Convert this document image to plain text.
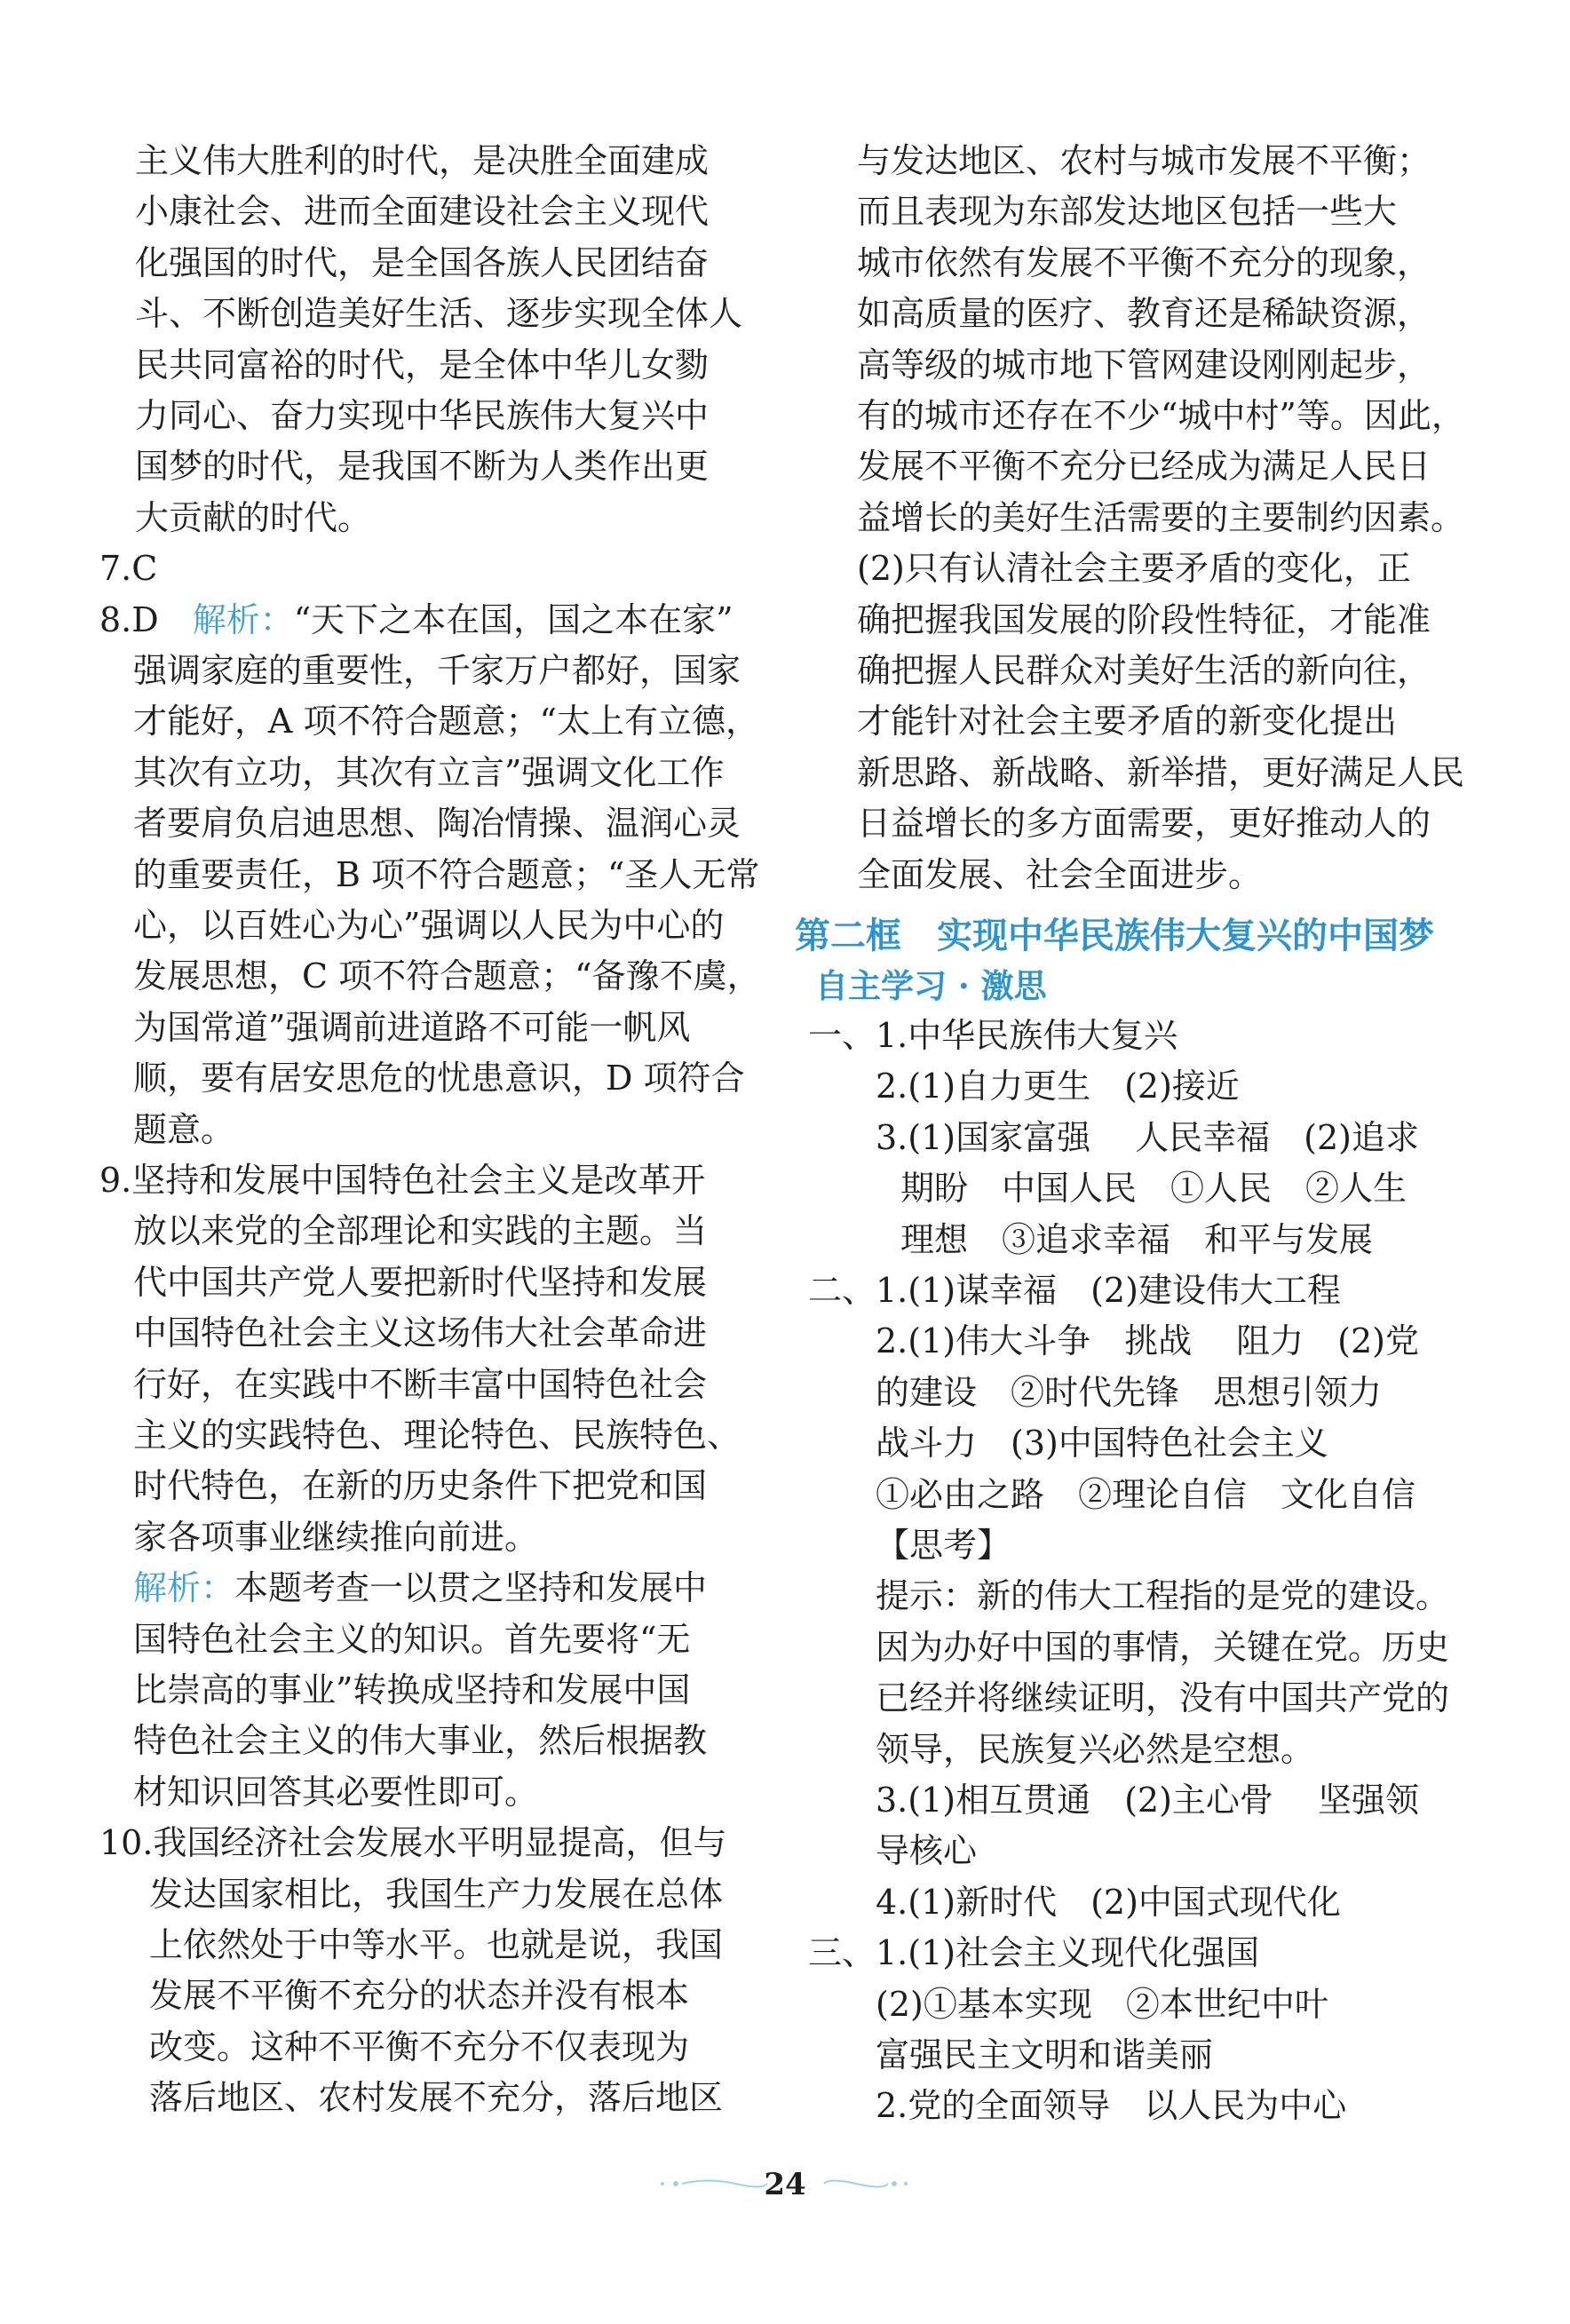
主义伟大胜利的时代，是决胜全面建成
小康社会、进而全面建设社会主义现代
化强国的时代，是全国各族人民团结奋
斗、不断创造美好生活、逐步实现全体人
民共同富裕的时代，是全体中华儿女勠
力同心、奋力实现中华民族伟大复兴中
国梦的时代，是我国不断为人类作出更
大贡献的时代。
7.C
8.D　解析：“天下之本在国，国之本在家”
强调家庭的重要性，千家万户都好，国家
才能好，A 项不符合题意；“太上有立德，
其次有立功，其次有立言”强调文化工作
者要肩负启迪思想、陶冶情操、温润心灵
的重要责任，B 项不符合题意；“圣人无常
心，以百姓心为心”强调以人民为中心的
发展思想，C 项不符合题意；“备豫不虞，
为国常道”强调前进道路不可能一帆风
顺，要有居安思危的忧患意识，D 项符合
题意。
9.坚持和发展中国特色社会主义是改革开
放以来党的全部理论和实践的主题。当
代中国共产党人要把新时代坚持和发展
中国特色社会主义这场伟大社会革命进
行好，在实践中不断丰富中国特色社会
主义的实践特色、理论特色、民族特色、
时代特色，在新的历史条件下把党和国
家各项事业继续推向前进。
解析：本题考查一以贯之坚持和发展中
国特色社会主义的知识。首先要将“无
比崇高的事业”转换成坚持和发展中国
特色社会主义的伟大事业，然后根据教
材知识回答其必要性即可。
10.我国经济社会发展水平明显提高，但与
发达国家相比，我国生产力发展在总体
上依然处于中等水平。也就是说，我国
发展不平衡不充分的状态并没有根本
改变。这种不平衡不充分不仅表现为
落后地区、农村发展不充分，落后地区
与发达地区、农村与城市发展不平衡；
而且表现为东部发达地区包括一些大
城市依然有发展不平衡不充分的现象，
如高质量的医疗、教育还是稀缺资源，
高等级的城市地下管网建设刚刚起步，
有的城市还存在不少“城中村”等。因此，
发展不平衡不充分已经成为满足人民日
益增长的美好生活需要的主要制约因素。
(2)只有认清社会主要矛盾的变化，正
确把握我国发展的阶段性特征，才能准
确把握人民群众对美好生活的新向往，
才能针对社会主要矛盾的新变化提出
新思路、新战略、新举措，更好满足人民
日益增长的多方面需要，更好推动人的
全面发展、社会全面进步。
第二框　实现中华民族伟大复兴的中国梦
自主学习 · 激思
一、1.中华民族伟大复兴
2.(1)自力更生　(2)接近
3.(1)国家富强　 人民幸福　(2)追求
期盼　中国人民　①人民　②人生
理想　③追求幸福　和平与发展
二、1.(1)谋幸福　(2)建设伟大工程
2.(1)伟大斗争　挑战　 阻力　(2)党
的建设　②时代先锋　思想引领力
战斗力　(3)中国特色社会主义
①必由之路　②理论自信　文化自信
【思考】
提示：新的伟大工程指的是党的建设。
因为办好中国的事情，关键在党。历史
已经并将继续证明，没有中国共产党的
领导，民族复兴必然是空想。
3.(1)相互贯通　(2)主心骨　 坚强领
导核心
4.(1)新时代　(2)中国式现代化
三、1.(1)社会主义现代化强国
(2)①基本实现　②本世纪中叶
富强民主文明和谐美丽
2.党的全面领导　以人民为中心
24
